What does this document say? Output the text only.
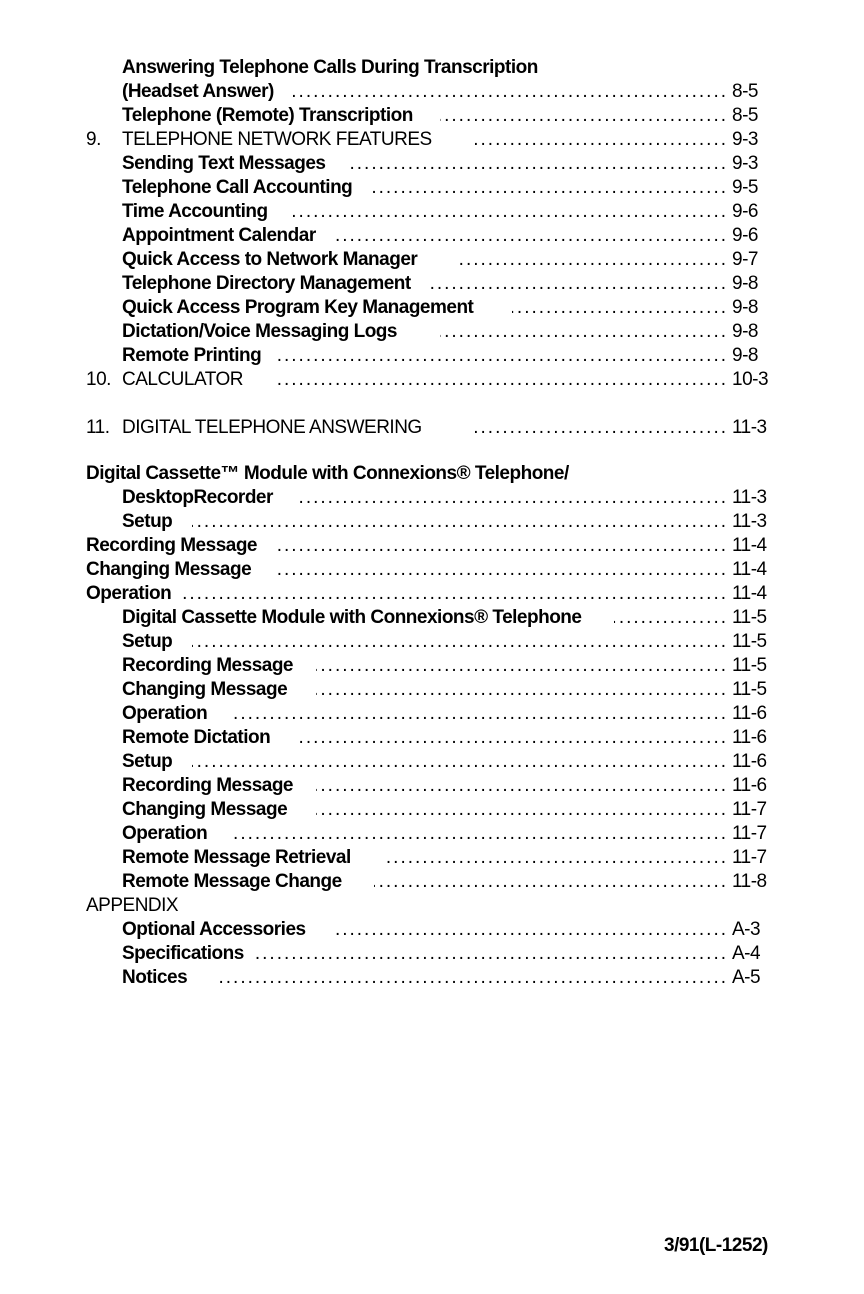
Answering Telephone Calls During Transcription
(Headset Answer) .....	8-5
Telephone (Remote) Transcription .....	8-5
9. TELEPHONE NETWORK FEATURES .....	9-3
Sending Text Messages .....	9-3
Telephone Call Accounting .....	9-5
Time Accounting .....	9-6
Appointment Calendar .....	9-6
Quick Access to Network Manager .....	9-7
Telephone Directory Management .....	9-8
Quick Access Program Key Management .....	9-8
Dictation/Voice Messaging Logs .....	9-8
Remote Printing .....	9-8
10. CALCULATOR .....	10-3
11. DIGITAL TELEPHONE ANSWERING .....	11-3
Digital Cassette™ Module with Connexions® Telephone/
DesktopRecorder .....	11-3
Setup .....	11-3
Recording Message .....	11-4
Changing Message .....	11-4
Operation .....	11-4
Digital Cassette Module with Connexions® Telephone .....	11-5
Setup .....	11-5
Recording Message .....	11-5
Changing Message .....	11-5
Operation .....	11-6
Remote Dictation .....	11-6
Setup .....	11-6
Recording Message .....	11-6
Changing Message .....	11-7
Operation .....	11-7
Remote Message Retrieval .....	11-7
Remote Message Change .....	11-8
APPENDIX
Optional Accessories .....	A-3
Specifications .....	A-4
Notices .....	A-5
3/91(L-1252)
